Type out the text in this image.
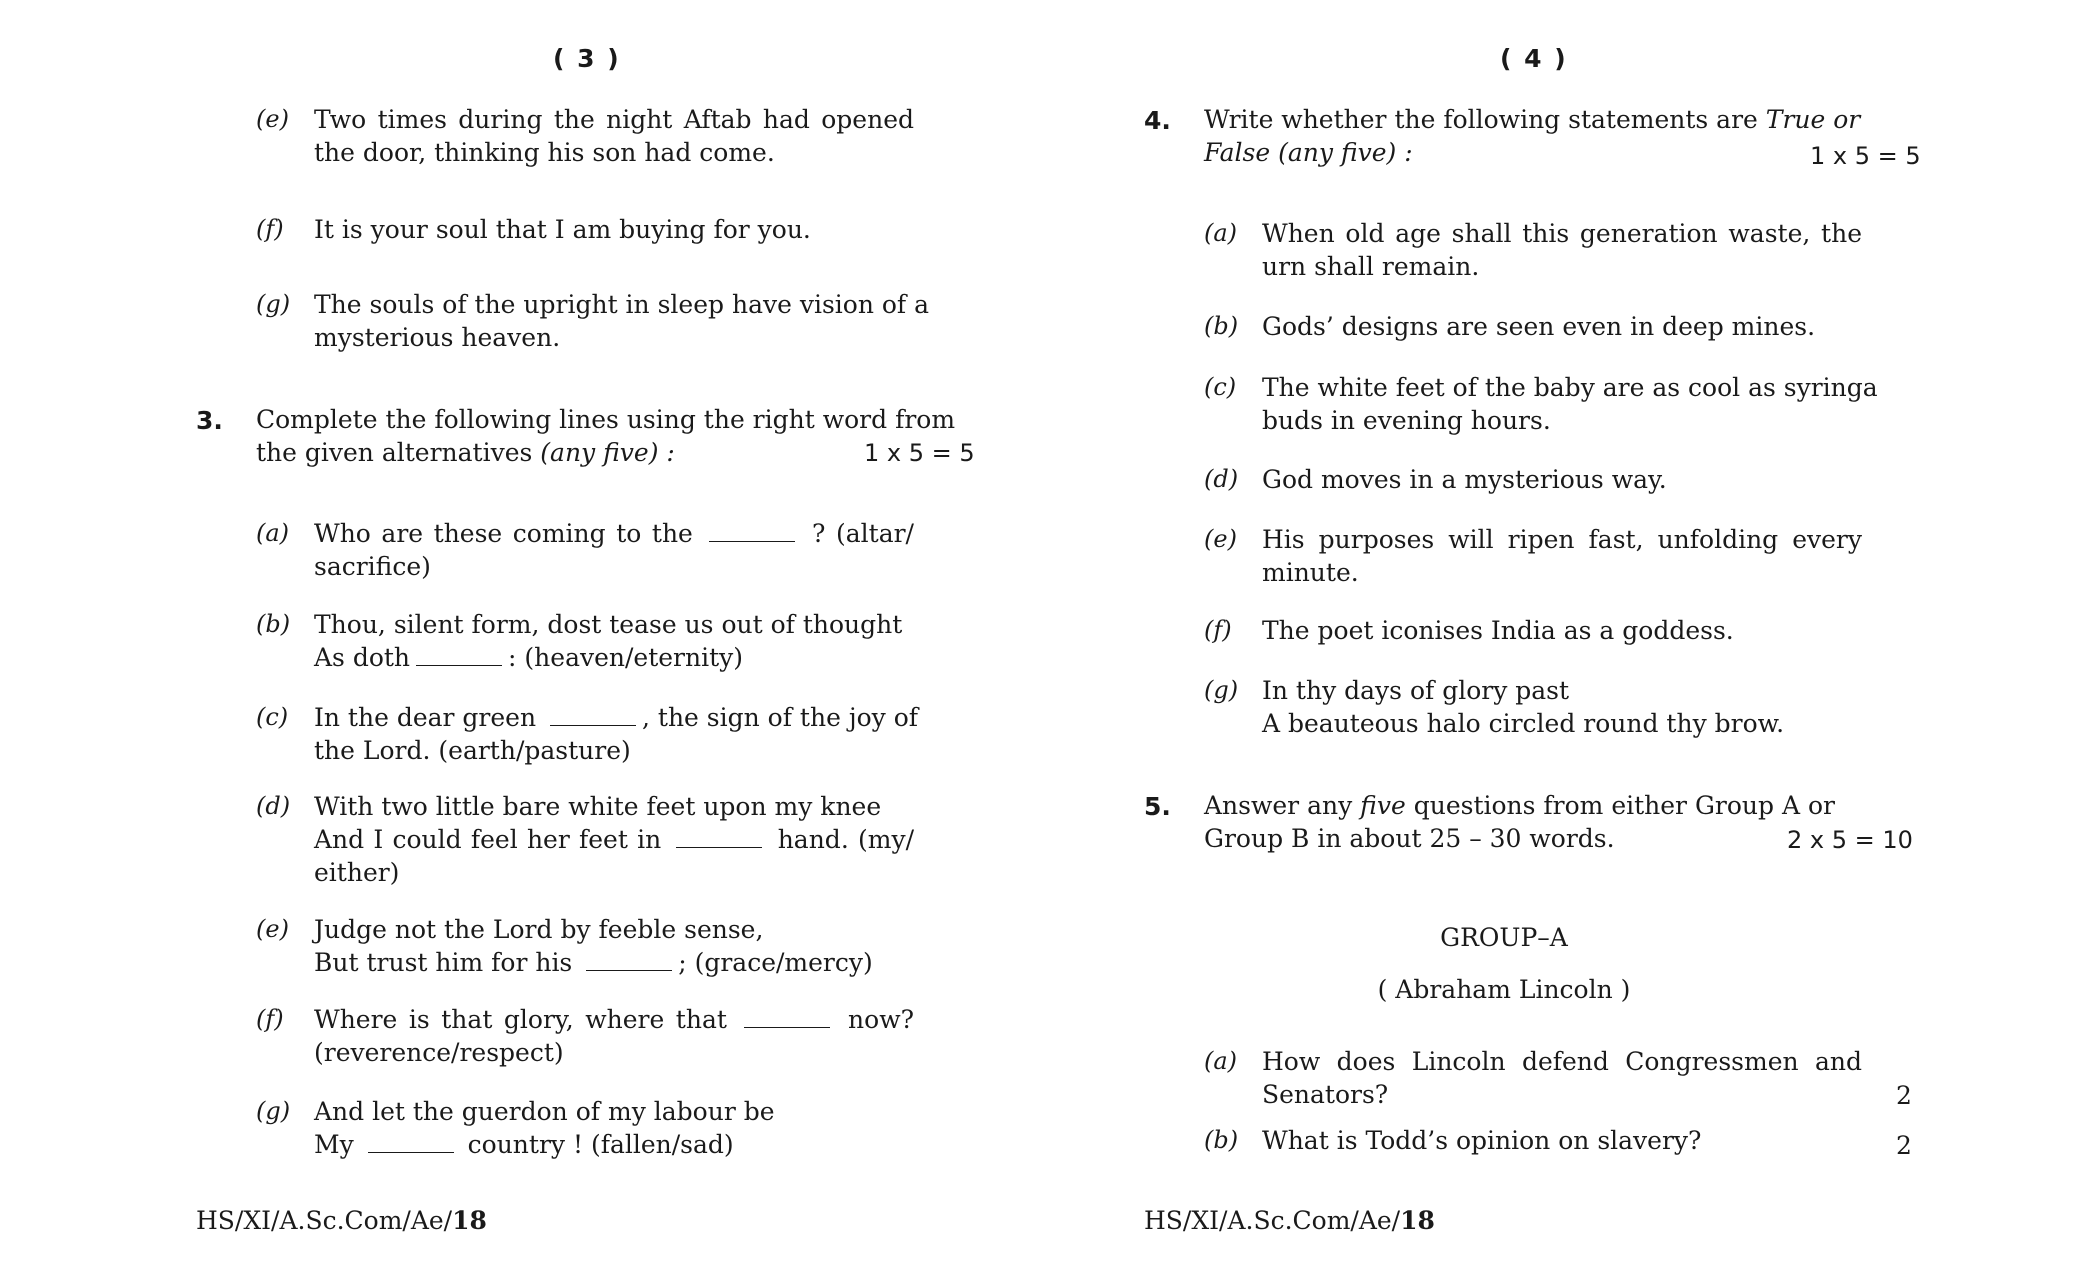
( 3 )
(e) Two times during the night Aftab had opened
the door, thinking his son had come.
(f) It is your soul that I am buying for you.
(g) The souls of the upright in sleep have vision of a
mysterious heaven.
3. Complete the following lines using the right word from
the given alternatives (any five) :	1 x 5 = 5
(a) Who are these coming to the	? (altar/
sacrifice)
(b) Thou, silent form, dost tease us out of thought
As doth	: (heaven/eternity)
(c) In the dear green	, the sign of the joy of
the Lord. (earth/pasture)
(d) With two little bare white feet upon my knee
And I could feel her feet in	hand. (my/
either)
(e) Judge not the Lord by feeble sense,
But trust him for his	; (grace/mercy)
(f) Where is that glory, where that	now?
(reverence/respect)
(g) And let the guerdon of my labour be
My	country ! (fallen/sad)
HS/XI/A.Sc.Com/Ae/18
( 4 )
4. Write whether the following statements are True or
False (any five) :	1 x 5 = 5
(a) When old age shall this generation waste, the
urn shall remain.
(b) Gods’ designs are seen even in deep mines.
(c) The white feet of the baby are as cool as syringa
buds in evening hours.
(d) God moves in a mysterious way.
(e) His purposes will ripen fast, unfolding every
minute.
(f) The poet iconises India as a goddess.
(g) In thy days of glory past
A beauteous halo circled round thy brow.
5. Answer any five questions from either Group A or
Group B in about 25 – 30 words.	2 x 5 = 10
GROUP–A
( Abraham Lincoln )
(a) How does Lincoln defend Congressmen and
Senators?	2
(b) What is Todd’s opinion on slavery?	2
HS/XI/A.Sc.Com/Ae/18
